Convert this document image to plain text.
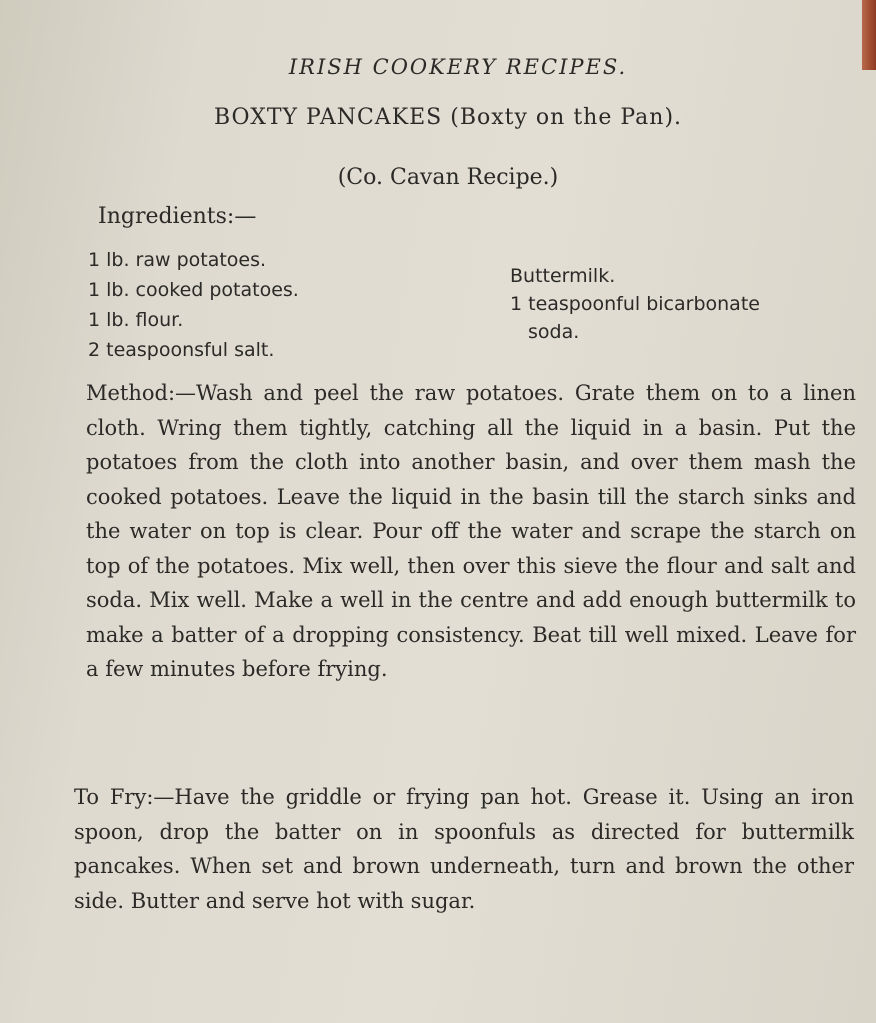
IRISH COOKERY RECIPES.
BOXTY PANCAKES (Boxty on the Pan).
(Co. Cavan Recipe.)
Ingredients:—
1 lb. raw potatoes.
1 lb. cooked potatoes.
1 lb. flour.
2 teaspoonsful salt.
Buttermilk.
1 teaspoonful bicarbonate
soda.

Method:—Wash and peel the raw potatoes. Grate them on to a linen cloth. Wring them tightly, catching all the liquid in a basin. Put the potatoes from the cloth into another basin, and over them mash the cooked potatoes. Leave the liquid in the basin till the starch sinks and the water on top is clear. Pour off the water and scrape the starch on top of the potatoes. Mix well, then over this sieve the flour and salt and soda. Mix well. Make a well in the centre and add enough buttermilk to make a batter of a dropping consistency. Beat till well mixed. Leave for a few minutes before frying.

To Fry:—Have the griddle or frying pan hot. Grease it. Using an iron spoon, drop the batter on in spoonfuls as directed for buttermilk pancakes. When set and brown underneath, turn and brown the other side. Butter and serve hot with sugar.
